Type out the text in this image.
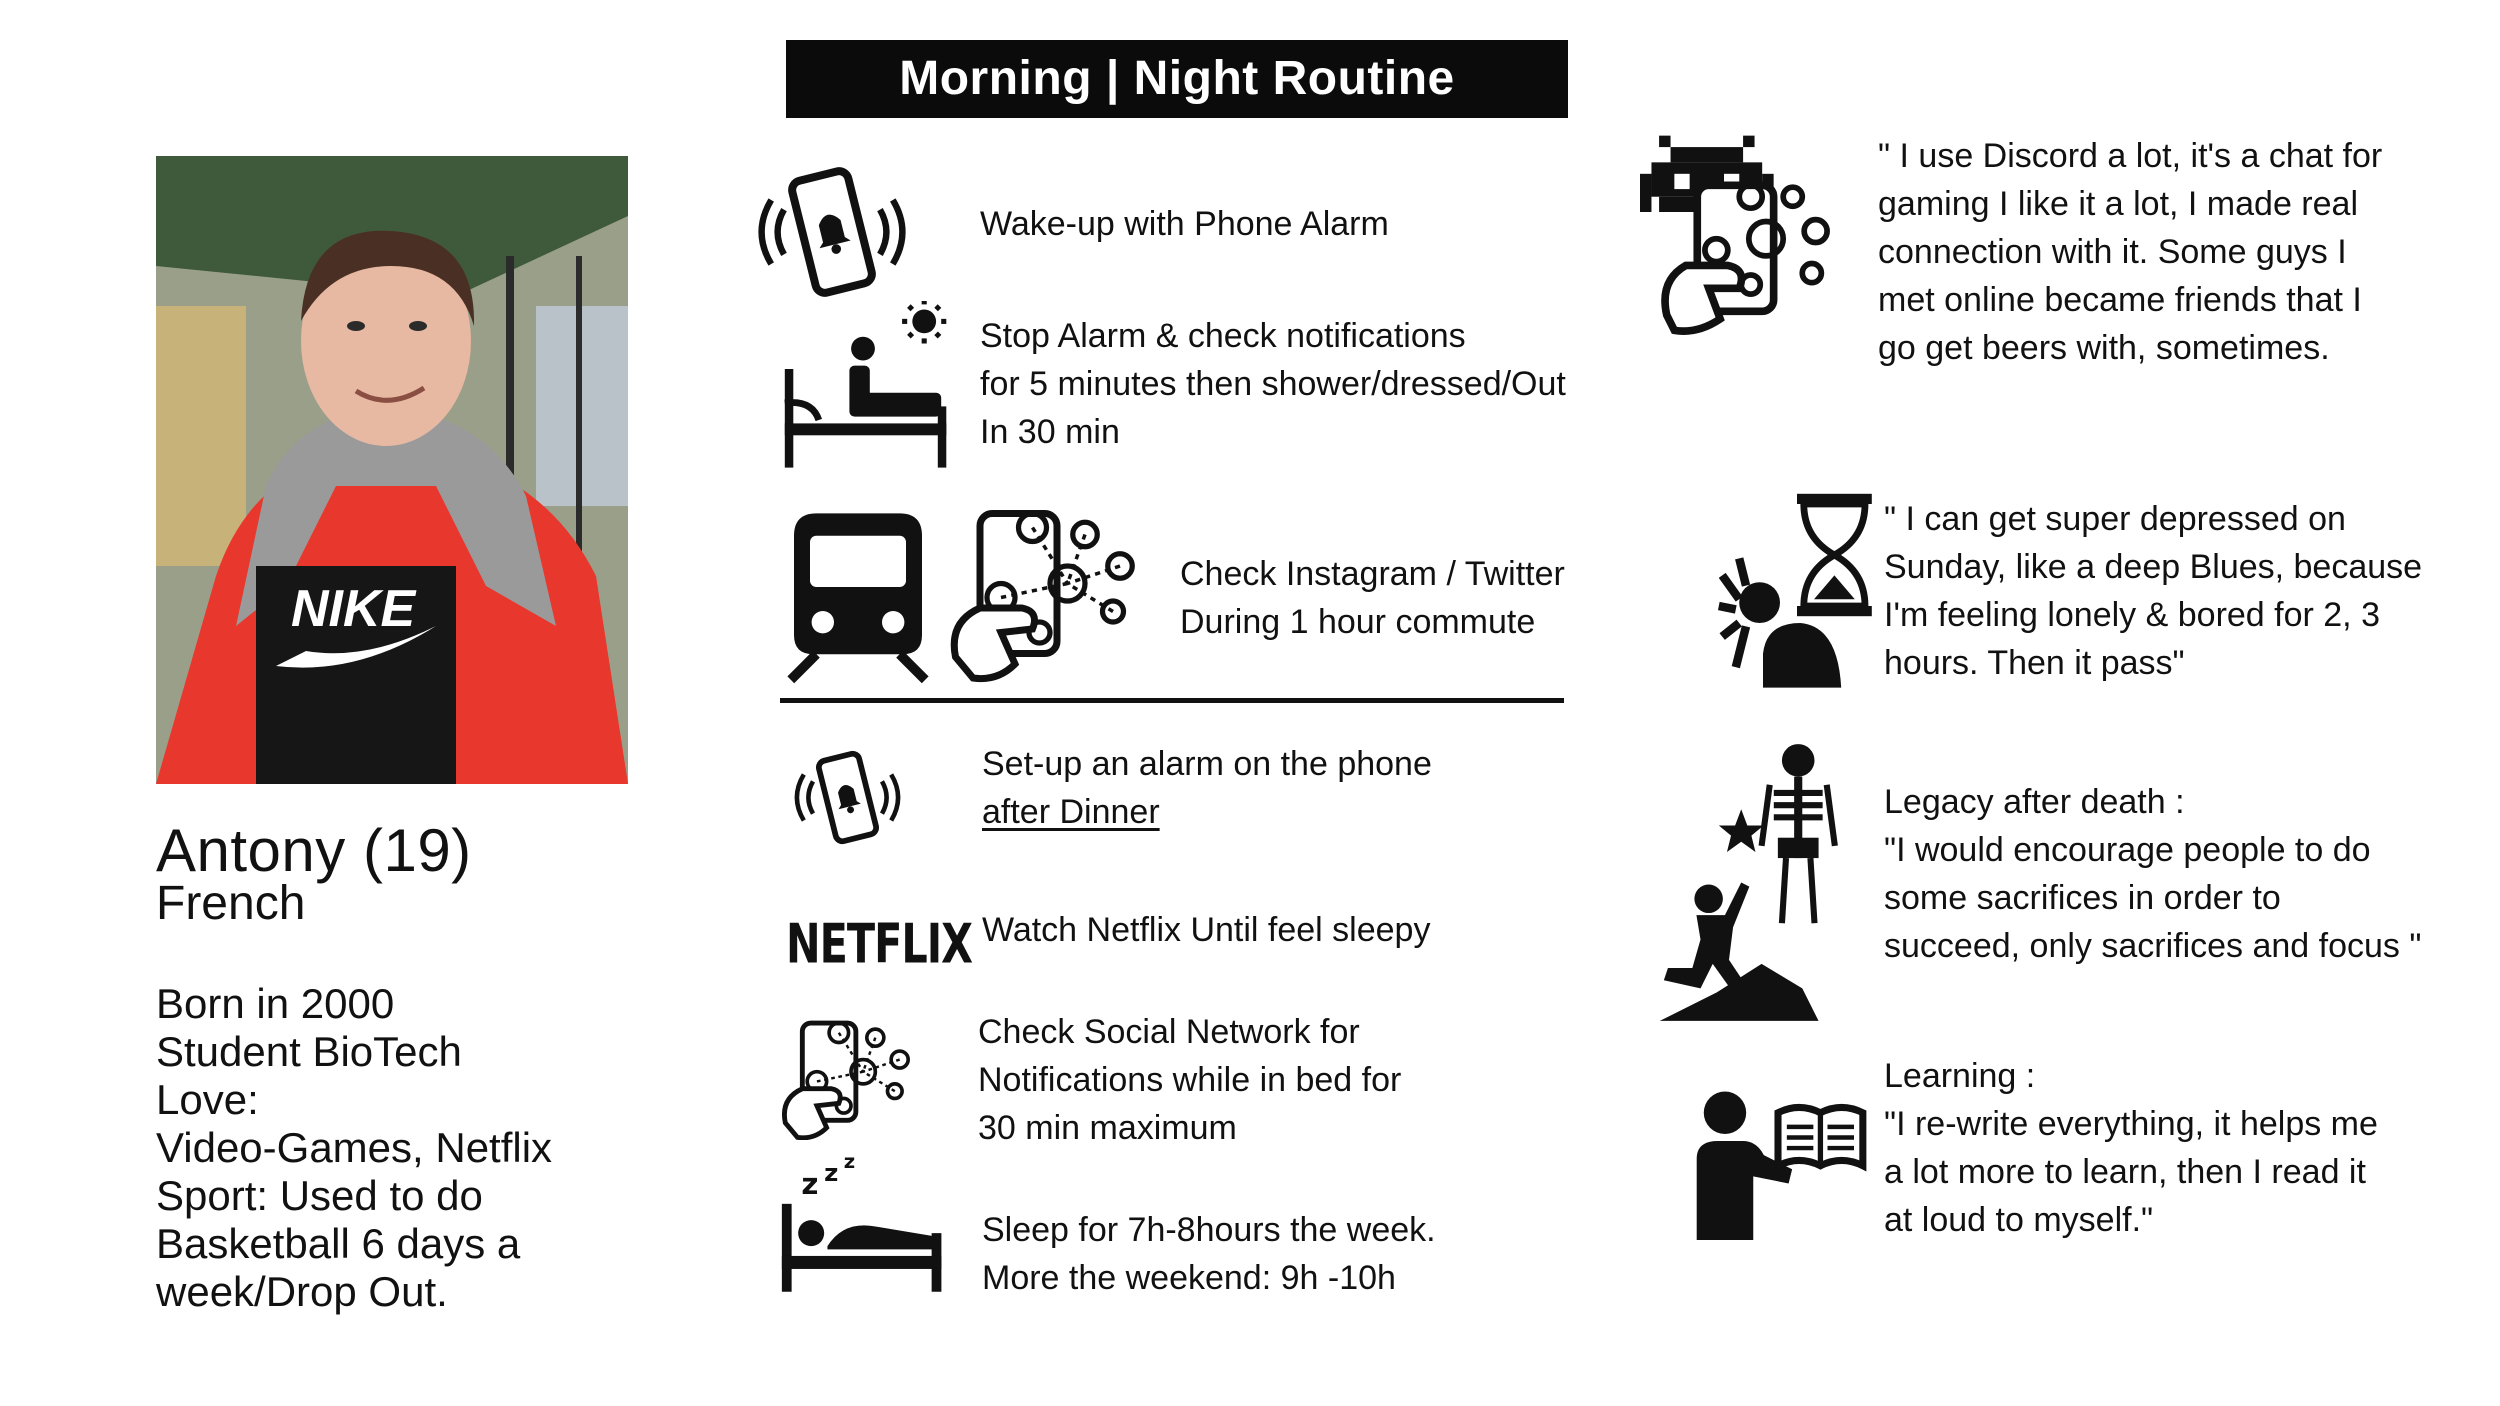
NIKE
Antony (19)
French
Born in 2000
Student BioTech
Love:
Video-Games, Netflix
Sport: Used to do
Basketball 6 days a
week/Drop Out.
Morning | Night Routine
Wake-up with Phone Alarm
Stop Alarm & check notifications
for 5 minutes then shower/dressed/Out
In 30 min
Check Instagram / Twitter
During 1 hour commute
Set-up an alarm on the phone
after Dinner
NETFLIX Watch Netflix Until feel sleepy
Check Social Network for
Notifications while in bed for
30 min maximum
z z z
Sleep for 7h-8hours the week.
More the weekend: 9h -10h
" I use Discord a lot, it's a chat for
gaming I like it a lot, I made real
connection with it. Some guys I
met online became friends that I
go get beers with, sometimes.
" I can get super depressed on
Sunday, like a deep Blues, because
I'm feeling lonely & bored for 2, 3
hours. Then it pass"
Legacy after death :
"I would encourage people to do
some sacrifices in order to
succeed, only sacrifices and focus "
Learning :
"I re-write everything, it helps me
a lot more to learn, then I read it
at loud to myself."
